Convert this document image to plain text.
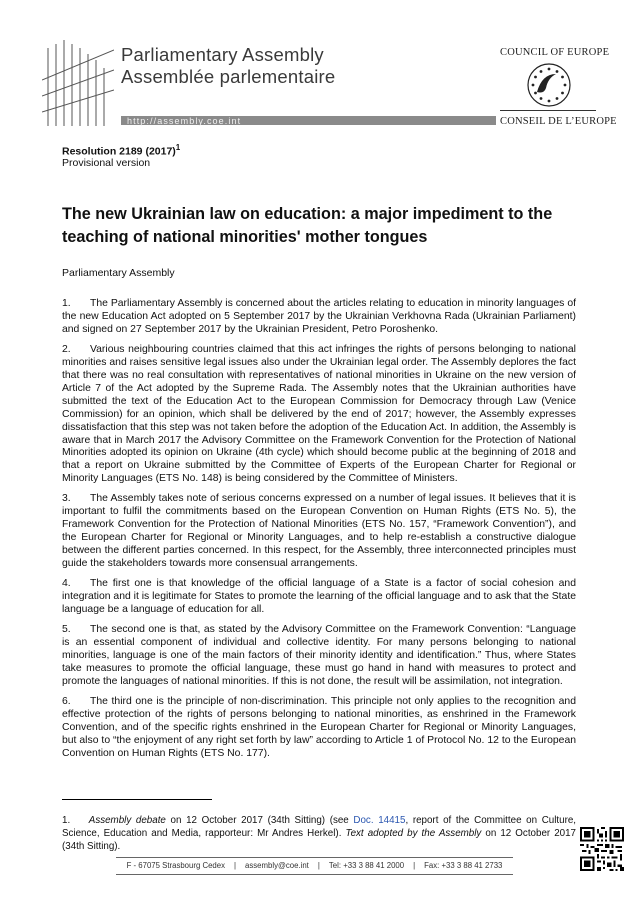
Parliamentary Assembly
Assemblée parlementaire
http://assembly.coe.int
COUNCIL OF EUROPE
CONSEIL DE L’EUROPE
Resolution 2189 $(2017)^1$
Provisional version
The new Ukrainian law on education: a major impediment to the teaching of national minorities' mother tongues
Parliamentary Assembly

1. The Parliamentary Assembly is concerned about the articles relating to education in minority languages of the new Education Act adopted on 5 September 2017 by the Ukrainian Verkhovna Rada (Ukrainian Parliament) and signed on 27 September 2017 by the Ukrainian President, Petro Poroshenko.

2. Various neighbouring countries claimed that this act infringes the rights of persons belonging to national minorities and raises sensitive legal issues also under the Ukrainian legal order. The Assembly deplores the fact that there was no real consultation with representatives of national minorities in Ukraine on the new version of Article 7 of the Act adopted by the Supreme Rada. The Assembly notes that the Ukrainian authorities have submitted the text of the Education Act to the European Commission for Democracy through Law (Venice Commission) for an opinion, which shall be delivered by the end of 2017; however, the Assembly expresses dissatisfaction that this step was not taken before the adoption of the Education Act. In addition, the Assembly is aware that in March 2017 the Advisory Committee on the Framework Convention for the Protection of National Minorities adopted its opinion on Ukraine (4th cycle) which should become public at the beginning of 2018 and that a report on Ukraine submitted by the Committee of Experts of the European Charter for Regional or Minority Languages (ETS No. 148) is being considered by the Committee of Ministers.

3. The Assembly takes note of serious concerns expressed on a number of legal issues. It believes that it is important to fulfil the commitments based on the European Convention on Human Rights (ETS No. 5), the Framework Convention for the Protection of National Minorities (ETS No. 157, “Framework Convention”), and the European Charter for Regional or Minority Languages, and to help re-establish a constructive dialogue between the different parties concerned. In this respect, for the Assembly, three interconnected principles must guide the stakeholders towards more consensual arrangements.

4. The first one is that knowledge of the official language of a State is a factor of social cohesion and integration and it is legitimate for States to promote the learning of the official language and to ask that the State language be a language of education for all.

5. The second one is that, as stated by the Advisory Committee on the Framework Convention: “Language is an essential component of individual and collective identity. For many persons belonging to national minorities, language is one of the main factors of their minority identity and identification.” Thus, where States take measures to promote the official language, these must go hand in hand with measures to protect and promote the languages of national minorities. If this is not done, the result will be assimilation, not integration.

6. The third one is the principle of non-discrimination. This principle not only applies to the recognition and effective protection of the rights of persons belonging to national minorities, as enshrined in the Framework Convention, and of the specific rights enshrined in the European Charter for Regional or Minority Languages, but also to “the enjoyment of any right set forth by law” according to Article 1 of Protocol No. 12 to the European Convention on Human Rights (ETS No. 177).

1. Assembly debate on 12 October 2017 (34th Sitting) (see Doc. 14415, report of the Committee on Culture, Science, Education and Media, rapporteur: Mr Andres Herkel). Text adopted by the Assembly on 12 October 2017 (34th Sitting).
F - 67075 Strasbourg Cedex | assembly@coe.int | Tel: +33 3 88 41 2000 | Fax: +33 3 88 41 2733
